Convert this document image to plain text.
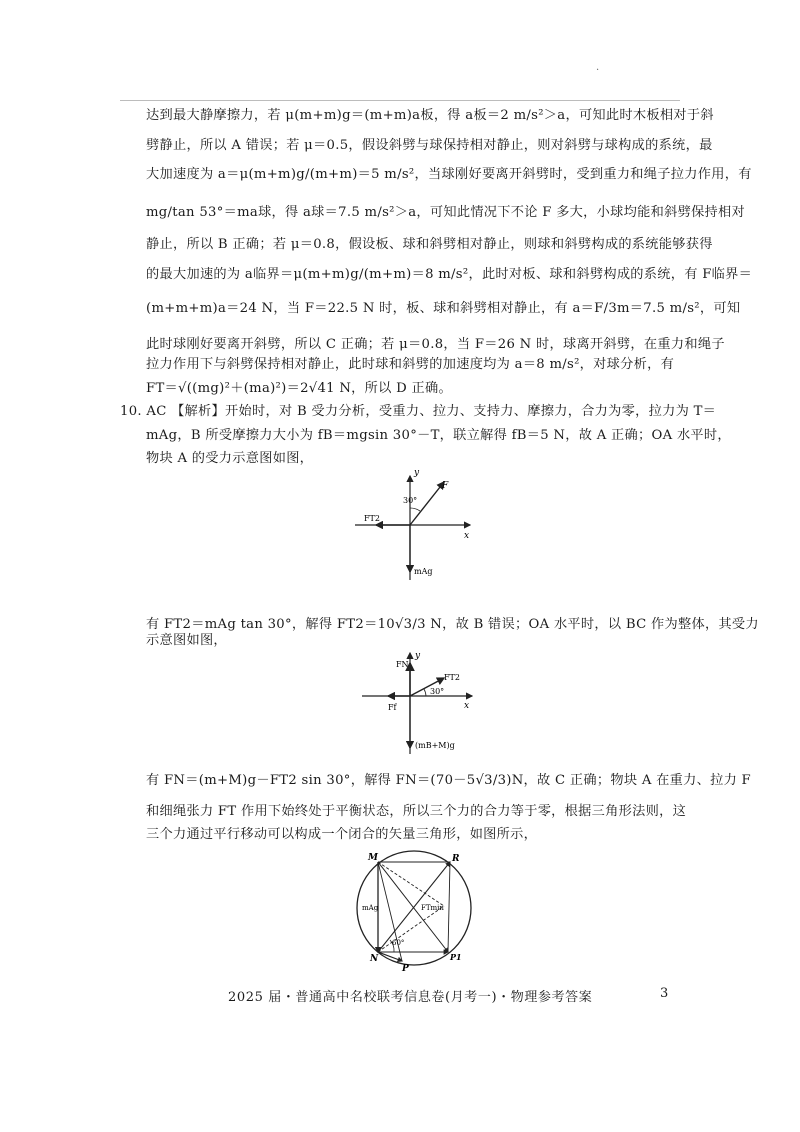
.
达到最大静摩擦力，若 μ(m+m)g＝(m+m)a板，得 a板＝2 m/s²＞a，可知此时木板相对于斜
劈静止，所以 A 错误；若 μ＝0.5，假设斜劈与球保持相对静止，则对斜劈与球构成的系统，最
大加速度为 a＝μ(m+m)g/(m+m)＝5 m/s²，当球刚好要离开斜劈时，受到重力和绳子拉力作用，有
mg/tan 53°＝ma球，得 a球＝7.5 m/s²＞a，可知此情况下不论 F 多大，小球均能和斜劈保持相对
静止，所以 B 正确；若 μ＝0.8，假设板、球和斜劈相对静止，则球和斜劈构成的系统能够获得
的最大加速的为 a临界＝μ(m+m)g/(m+m)＝8 m/s²，此时对板、球和斜劈构成的系统，有 F临界＝
(m+m+m)a＝24 N，当 F＝22.5 N 时，板、球和斜劈相对静止，有 a＝F/3m＝7.5 m/s²，可知
此时球刚好要离开斜劈，所以 C 正确；若 μ＝0.8，当 F＝26 N 时，球离开斜劈，在重力和绳子
拉力作用下与斜劈保持相对静止，此时球和斜劈的加速度均为 a＝8 m/s²，对球分析，有
FT＝√((mg)²＋(ma)²)＝2√41 N，所以 D 正确。
10. AC 【解析】开始时，对 B 受力分析，受重力、拉力、支持力、摩擦力，合力为零，拉力为 T＝
mAg，B 所受摩擦力大小为 fB＝mgsin 30°－T，联立解得 fB＝5 N，故 A 正确；OA 水平时，
物块 A 的受力示意图如图，
y
x
F
30°
FT2
mAg
有 FT2＝mAg tan 30°，解得 FT2＝10√3/3 N，故 B 错误；OA 水平时，以 BC 作为整体，其受力
示意图如图，
y
x
FN
FT2
30°
Ff
(mB+M)g
有 FN＝(m+M)g－FT2 sin 30°，解得 FN＝(70－5√3/3)N，故 C 正确；物块 A 在重力、拉力 F
和细绳张力 FT 作用下始终处于平衡状态，所以三个力的合力等于零，根据三角形法则，这
三个力通过平行移动可以构成一个闭合的矢量三角形，如图所示，
M	R
mAg	FTmin
60°
N
P
P1
2025 届・普通高中名校联考信息卷(月考一)・物理参考答案	3
